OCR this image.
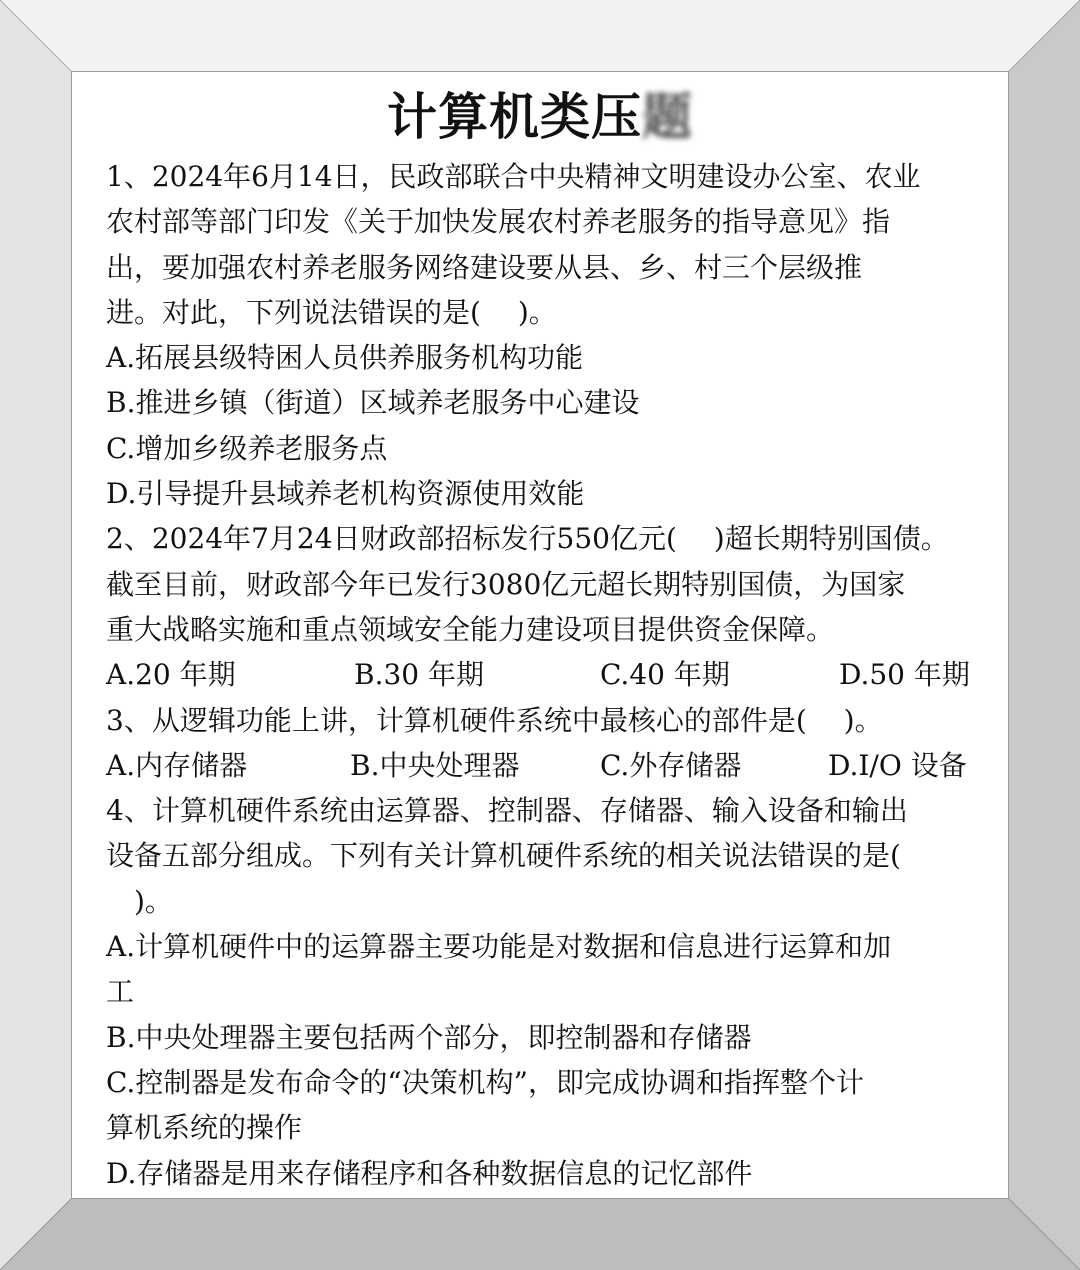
计算机类压题

1、2024年6月14日，民政部联合中央精神文明建设办公室、农业

农村部等部门印发《关于加快发展农村养老服务的指导意见》指

出，要加强农村养老服务网络建设要从县、乡、村三个层级推

进。对此，下列说法错误的是(　 )。

A.拓展县级特困人员供养服务机构功能

B.推进乡镇（街道）区域养老服务中心建设

C.增加乡级养老服务点

D.引导提升县域养老机构资源使用效能

2、2024年7月24日财政部招标发行550亿元(　 )超长期特别国债。

截至目前，财政部今年已发行3080亿元超长期特别国债，为国家

重大战略实施和重点领域安全能力建设项目提供资金保障。

A.20 年期	B.30 年期	C.40 年期	D.50 年期

3、从逻辑功能上讲，计算机硬件系统中最核心的部件是(　 )。

A.内存储器	B.中央处理器	C.外存储器	D.I/O 设备

4、计算机硬件系统由运算器、控制器、存储器、输入设备和输出

设备五部分组成。下列有关计算机硬件系统的相关说法错误的是(

　)。

A.计算机硬件中的运算器主要功能是对数据和信息进行运算和加

工

B.中央处理器主要包括两个部分，即控制器和存储器

C.控制器是发布命令的“决策机构”，即完成协调和指挥整个计

算机系统的操作

D.存储器是用来存储程序和各种数据信息的记忆部件
